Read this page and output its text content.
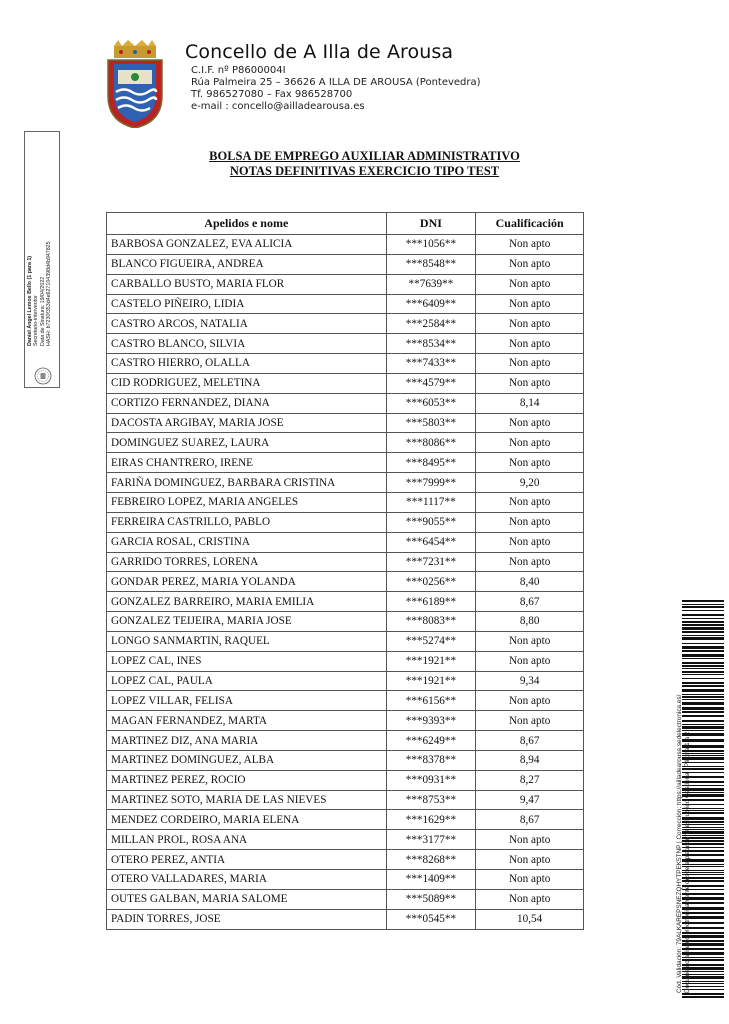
Concello de A Illa de Arousa
C.I.F. nº P8600004I
Rúa Palmeira 25 – 36626 A ILLA DE AROUSA (Pontevedra)
Tf. 986527080 – Fax 986528700
e-mail : concello@ailladearousa.es
BOLSA DE EMPREGO AUXILIAR ADMINISTRATIVO
NOTAS DEFINITIVAS EXERCICIO TIPO TEST
Daniel Ángel Lemos Bello (1 para 1) Secretario-interventor Data de Sinatura: 19/04/2022 HASH: b7230f353d4e627104398d4b947825
Apelidos e nome	DNI	Cualificación
BARBOSA GONZALEZ, EVA ALICIA	***1056**	Non apto
BLANCO FIGUEIRA, ANDREA	***8548**	Non apto
CARBALLO BUSTO, MARIA FLOR	**7639**	Non apto
CASTELO PIÑEIRO, LIDIA	***6409**	Non apto
CASTRO ARCOS, NATALIA	***2584**	Non apto
CASTRO BLANCO, SILVIA	***8534**	Non apto
CASTRO HIERRO, OLALLA	***7433**	Non apto
CID RODRIGUEZ, MELETINA	***4579**	Non apto
CORTIZO FERNANDEZ, DIANA	***6053**	8,14
DACOSTA ARGIBAY, MARIA JOSE	***5803**	Non apto
DOMINGUEZ SUAREZ, LAURA	***8086**	Non apto
EIRAS CHANTRERO, IRENE	***8495**	Non apto
FARIÑA DOMINGUEZ, BARBARA CRISTINA	***7999**	9,20
FEBREIRO LOPEZ, MARIA ANGELES	***1117**	Non apto
FERREIRA CASTRILLO, PABLO	***9055**	Non apto
GARCIA ROSAL, CRISTINA	***6454**	Non apto
GARRIDO TORRES, LORENA	***7231**	Non apto
GONDAR PEREZ, MARIA YOLANDA	***0256**	8,40
GONZALEZ BARREIRO, MARIA EMILIA	***6189**	8,67
GONZALEZ TEIJEIRA, MARIA JOSE	***8083**	8,80
LONGO SANMARTIN, RAQUEL	***5274**	Non apto
LOPEZ CAL, INES	***1921**	Non apto
LOPEZ CAL, PAULA	***1921**	9,34
LOPEZ VILLAR, FELISA	***6156**	Non apto
MAGAN FERNANDEZ, MARTA	***9393**	Non apto
MARTINEZ DIZ, ANA MARIA	***6249**	8,67
MARTINEZ DOMINGUEZ, ALBA	***8378**	8,94
MARTINEZ PEREZ, ROCIO	***0931**	8,27
MARTINEZ SOTO, MARIA DE LAS NIEVES	***8753**	9,47
MENDEZ CORDEIRO, MARIA ELENA	***1629**	8,67
MILLAN PROL, ROSA ANA	***3177**	Non apto
OTERO PEREZ, ANTIA	***8268**	Non apto
OTERO VALLADARES, MARIA	***1409**	Non apto
OUTES GALBAN, MARIA SALOME	***5089**	Non apto
PADIN TORRES, JOSE	***0545**	10,54	Cód. Validación: 79ALKAREPSNEZQHYTPEK5TNP | Corrección: https://ailladearousa.sedelectronica.es/ Documento asinado electrónicamente desde a plataforma esPublico Gestiona | Páxina 1 a 2
